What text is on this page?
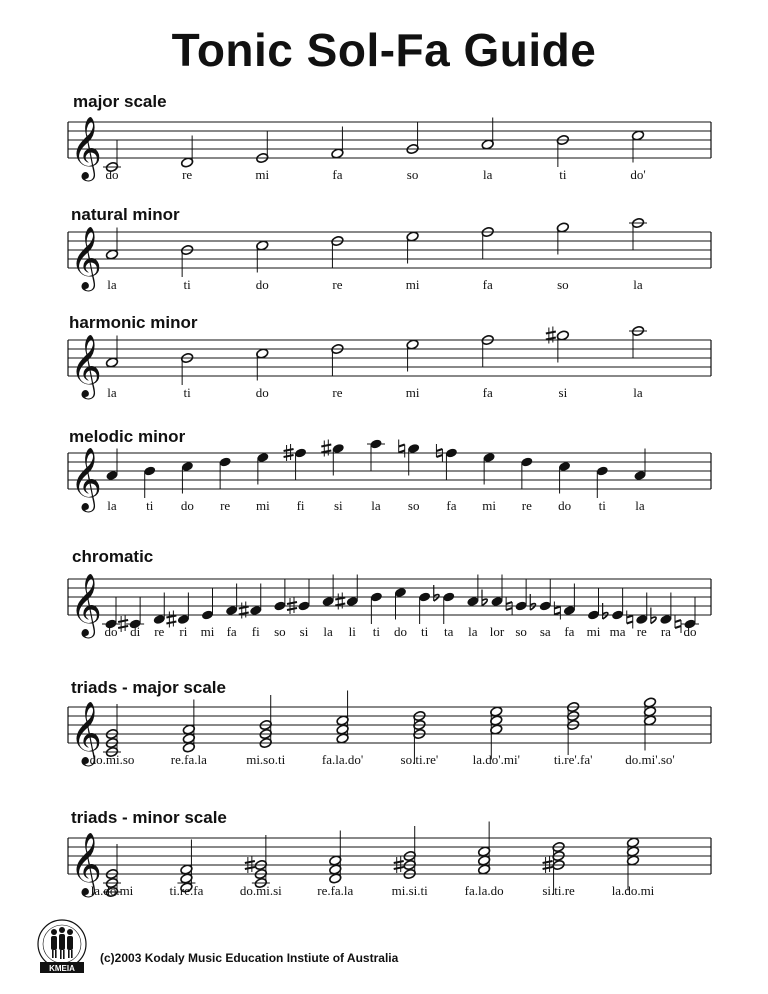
Tonic Sol-Fa Guide
major scale
𝄞 do	re	mi	fa	so	la	ti	do'
natural minor
𝄞 la	ti	do	re	mi	fa	so	la
harmonic minor
𝄞 la	ti	do	re	mi	fa	si	la
melodic minor
𝄞 la ti do re mi fi si la so fa mi re do ti la
chromatic
𝄞 do di re ri mi fa fi so si la li ti do ti ta la lor so sa fa mi ma re ra do
triads - major scale
𝄞
do.mi.so	re.fa.la	mi.so.ti	fa.la.do'	so.ti.re'	la.do'.mi'	ti.re'.fa'	do.mi'.so'
triads - minor scale
𝄞
la.do.mi	ti.re.fa	do.mi.si	re.fa.la	mi.si.ti	fa.la.do	si.ti.re	la.do.mi
KMEIA
(c)2003 Kodaly Music Education Instiute of Australia
